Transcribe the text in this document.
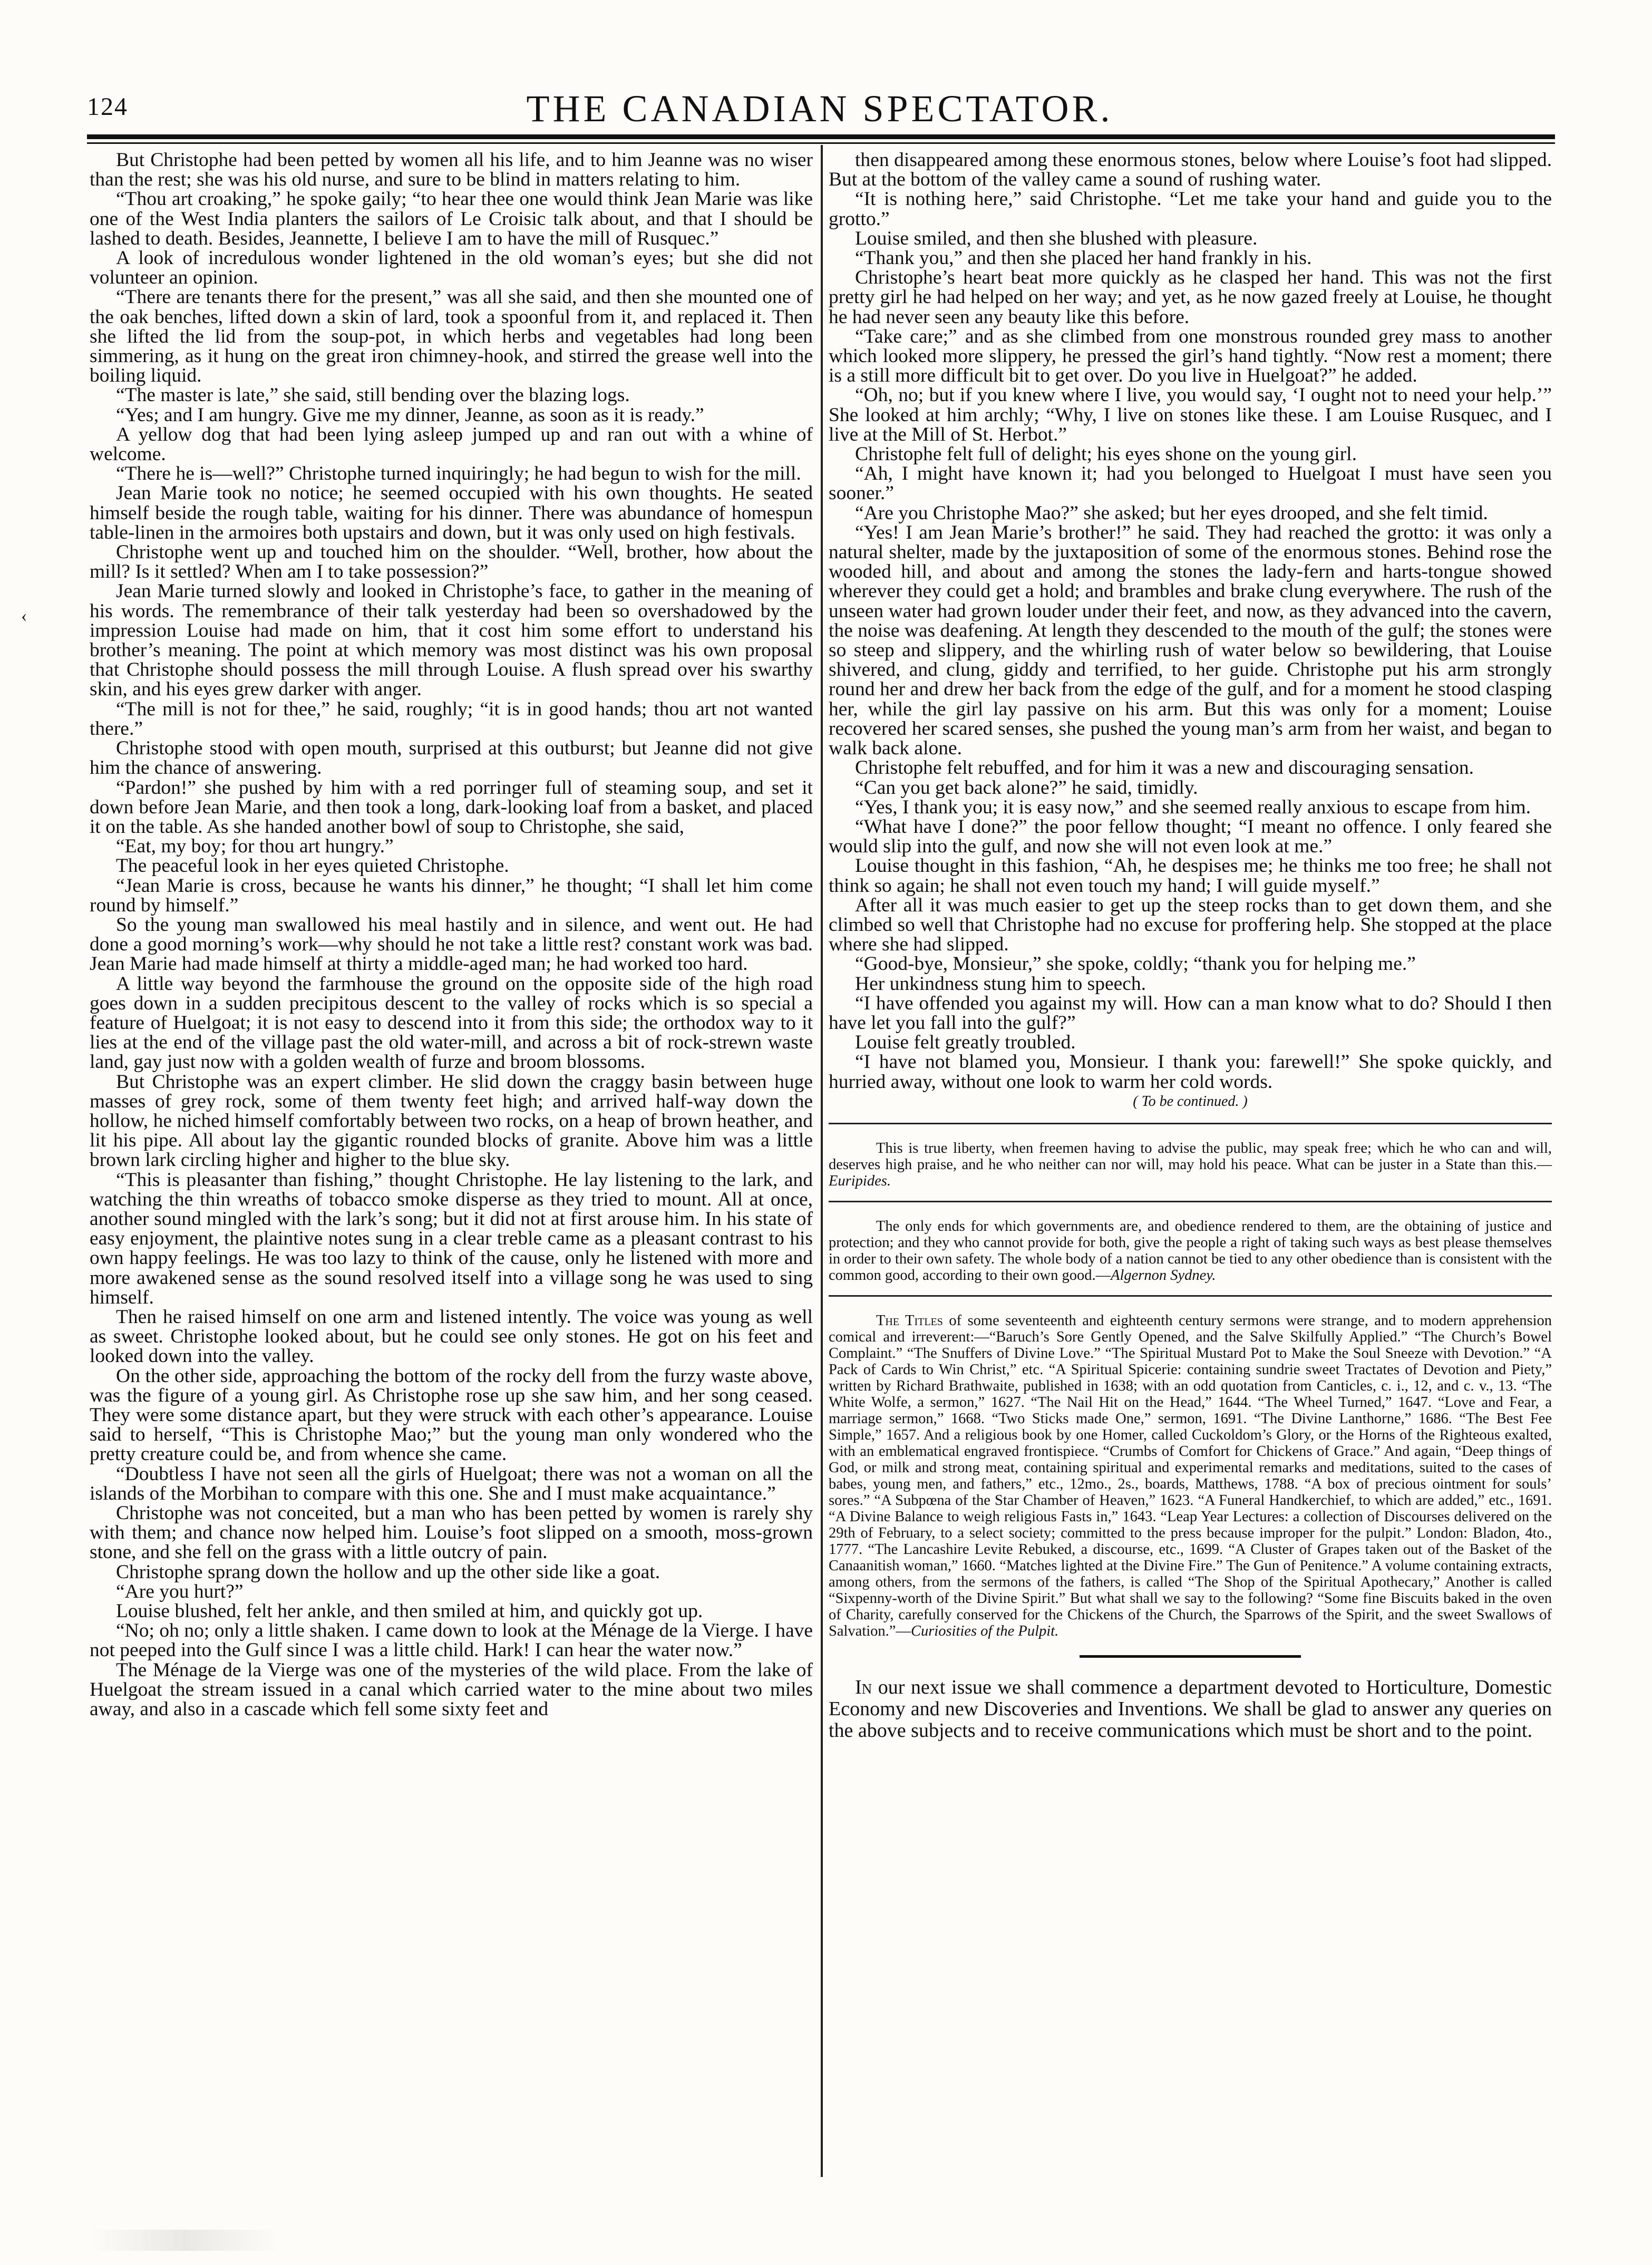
124	THE CANADIAN SPECTATOR.
‹

But Christophe had been petted by women all his life, and to him Jeanne was no wiser than the rest; she was his old nurse, and sure to be blind in matters relating to him.

“Thou art croaking,” he spoke gaily; “to hear thee one would think Jean Marie was like one of the West India planters the sailors of Le Croisic talk about, and that I should be lashed to death. Besides, Jeannette, I believe I am to have the mill of Rusquec.”

A look of incredulous wonder lightened in the old woman’s eyes; but she did not volunteer an opinion.

“There are tenants there for the present,” was all she said, and then she mounted one of the oak benches, lifted down a skin of lard, took a spoonful from it, and replaced it. Then she lifted the lid from the soup-pot, in which herbs and vegetables had long been simmering, as it hung on the great iron chimney-hook, and stirred the grease well into the boiling liquid.

“The master is late,” she said, still bending over the blazing logs.

“Yes; and I am hungry. Give me my dinner, Jeanne, as soon as it is ready.”

A yellow dog that had been lying asleep jumped up and ran out with a whine of welcome.

“There he is—well?” Christophe turned inquiringly; he had begun to wish for the mill.

Jean Marie took no notice; he seemed occupied with his own thoughts. He seated himself beside the rough table, waiting for his dinner. There was abundance of homespun table-linen in the armoires both upstairs and down, but it was only used on high festivals.

Christophe went up and touched him on the shoulder. “Well, brother, how about the mill? Is it settled? When am I to take possession?”

Jean Marie turned slowly and looked in Christophe’s face, to gather in the meaning of his words. The remembrance of their talk yesterday had been so overshadowed by the impression Louise had made on him, that it cost him some effort to understand his brother’s meaning. The point at which memory was most distinct was his own proposal that Christophe should possess the mill through Louise. A flush spread over his swarthy skin, and his eyes grew darker with anger.

“The mill is not for thee,” he said, roughly; “it is in good hands; thou art not wanted there.”

Christophe stood with open mouth, surprised at this outburst; but Jeanne did not give him the chance of answering.

“Pardon!” she pushed by him with a red porringer full of steaming soup, and set it down before Jean Marie, and then took a long, dark-looking loaf from a basket, and placed it on the table. As she handed another bowl of soup to Christophe, she said,

“Eat, my boy; for thou art hungry.”

The peaceful look in her eyes quieted Christophe.

“Jean Marie is cross, because he wants his dinner,” he thought; “I shall let him come round by himself.”

So the young man swallowed his meal hastily and in silence, and went out. He had done a good morning’s work—why should he not take a little rest? constant work was bad. Jean Marie had made himself at thirty a middle-aged man; he had worked too hard.

A little way beyond the farmhouse the ground on the opposite side of the high road goes down in a sudden precipitous descent to the valley of rocks which is so special a feature of Huelgoat; it is not easy to descend into it from this side; the orthodox way to it lies at the end of the village past the old water-mill, and across a bit of rock-strewn waste land, gay just now with a golden wealth of furze and broom blossoms.

But Christophe was an expert climber. He slid down the craggy basin between huge masses of grey rock, some of them twenty feet high; and arrived half-way down the hollow, he niched himself comfortably between two rocks, on a heap of brown heather, and lit his pipe. All about lay the gigantic rounded blocks of granite. Above him was a little brown lark circling higher and higher to the blue sky.

“This is pleasanter than fishing,” thought Christophe. He lay listening to the lark, and watching the thin wreaths of tobacco smoke disperse as they tried to mount. All at once, another sound mingled with the lark’s song; but it did not at first arouse him. In his state of easy enjoyment, the plaintive notes sung in a clear treble came as a pleasant contrast to his own happy feelings. He was too lazy to think of the cause, only he listened with more and more awakened sense as the sound resolved itself into a village song he was used to sing himself.

Then he raised himself on one arm and listened intently. The voice was young as well as sweet. Christophe looked about, but he could see only stones. He got on his feet and looked down into the valley.

On the other side, approaching the bottom of the rocky dell from the furzy waste above, was the figure of a young girl. As Christophe rose up she saw him, and her song ceased. They were some distance apart, but they were struck with each other’s appearance. Louise said to herself, “This is Christophe Mao;” but the young man only wondered who the pretty creature could be, and from whence she came.

“Doubtless I have not seen all the girls of Huelgoat; there was not a woman on all the islands of the Morbihan to compare with this one. She and I must make acquaintance.”

Christophe was not conceited, but a man who has been petted by women is rarely shy with them; and chance now helped him. Louise’s foot slipped on a smooth, moss-grown stone, and she fell on the grass with a little outcry of pain.

Christophe sprang down the hollow and up the other side like a goat.

“Are you hurt?”

Louise blushed, felt her ankle, and then smiled at him, and quickly got up.

“No; oh no; only a little shaken. I came down to look at the Ménage de la Vierge. I have not peeped into the Gulf since I was a little child. Hark! I can hear the water now.”

The Ménage de la Vierge was one of the mysteries of the wild place. From the lake of Huelgoat the stream issued in a canal which carried water to the mine about two miles away, and also in a cascade which fell some sixty feet and

then disappeared among these enormous stones, below where Louise’s foot had slipped. But at the bottom of the valley came a sound of rushing water.

“It is nothing here,” said Christophe. “Let me take your hand and guide you to the grotto.”

Louise smiled, and then she blushed with pleasure.

“Thank you,” and then she placed her hand frankly in his.

Christophe’s heart beat more quickly as he clasped her hand. This was not the first pretty girl he had helped on her way; and yet, as he now gazed freely at Louise, he thought he had never seen any beauty like this before.

“Take care;” and as she climbed from one monstrous rounded grey mass to another which looked more slippery, he pressed the girl’s hand tightly. “Now rest a moment; there is a still more difficult bit to get over. Do you live in Huelgoat?” he added.

“Oh, no; but if you knew where I live, you would say, ‘I ought not to need your help.’” She looked at him archly; “Why, I live on stones like these. I am Louise Rusquec, and I live at the Mill of St. Herbot.”

Christophe felt full of delight; his eyes shone on the young girl.

“Ah, I might have known it; had you belonged to Huelgoat I must have seen you sooner.”

“Are you Christophe Mao?” she asked; but her eyes drooped, and she felt timid.

“Yes! I am Jean Marie’s brother!” he said. They had reached the grotto: it was only a natural shelter, made by the juxtaposition of some of the enormous stones. Behind rose the wooded hill, and about and among the stones the lady-fern and harts-tongue showed wherever they could get a hold; and brambles and brake clung everywhere. The rush of the unseen water had grown louder under their feet, and now, as they advanced into the cavern, the noise was deafening. At length they descended to the mouth of the gulf; the stones were so steep and slippery, and the whirling rush of water below so bewildering, that Louise shivered, and clung, giddy and terrified, to her guide. Christophe put his arm strongly round her and drew her back from the edge of the gulf, and for a moment he stood clasping her, while the girl lay passive on his arm. But this was only for a moment; Louise recovered her scared senses, she pushed the young man’s arm from her waist, and began to walk back alone.

Christophe felt rebuffed, and for him it was a new and discouraging sensation.

“Can you get back alone?” he said, timidly.

“Yes, I thank you; it is easy now,” and she seemed really anxious to escape from him.

“What have I done?” the poor fellow thought; “I meant no offence. I only feared she would slip into the gulf, and now she will not even look at me.”

Louise thought in this fashion, “Ah, he despises me; he thinks me too free; he shall not think so again; he shall not even touch my hand; I will guide myself.”

After all it was much easier to get up the steep rocks than to get down them, and she climbed so well that Christophe had no excuse for proffering help. She stopped at the place where she had slipped.

“Good-bye, Monsieur,” she spoke, coldly; “thank you for helping me.”

Her unkindness stung him to speech.

“I have offended you against my will. How can a man know what to do? Should I then have let you fall into the gulf?”

Louise felt greatly troubled.

“I have not blamed you, Monsieur. I thank you: farewell!” She spoke quickly, and hurried away, without one look to warm her cold words.

( To be continued. )

This is true liberty, when freemen having to advise the public, may speak free; which he who can and will, deserves high praise, and he who neither can nor will, may hold his peace. What can be juster in a State than this.—Euripides.

The only ends for which governments are, and obedience rendered to them, are the obtaining of justice and protection; and they who cannot provide for both, give the people a right of taking such ways as best please themselves in order to their own safety. The whole body of a nation cannot be tied to any other obedience than is consistent with the common good, according to their own good.—Algernon Sydney.

The Titles of some seventeenth and eighteenth century sermons were strange, and to modern apprehension comical and irreverent:—“Baruch’s Sore Gently Opened, and the Salve Skilfully Applied.” “The Church’s Bowel Complaint.” “The Snuffers of Divine Love.” “The Spiritual Mustard Pot to Make the Soul Sneeze with Devotion.” “A Pack of Cards to Win Christ,” etc. “A Spiritual Spicerie: containing sundrie sweet Tractates of Devotion and Piety,” written by Richard Brathwaite, published in 1638; with an odd quotation from Canticles, c. i., 12, and c. v., 13. “The White Wolfe, a sermon,” 1627. “The Nail Hit on the Head,” 1644. “The Wheel Turned,” 1647. “Love and Fear, a marriage sermon,” 1668. “Two Sticks made One,” sermon, 1691. “The Divine Lanthorne,” 1686. “The Best Fee Simple,” 1657. And a religious book by one Homer, called Cuckoldom’s Glory, or the Horns of the Righteous exalted, with an emblematical engraved frontispiece. “Crumbs of Comfort for Chickens of Grace.” And again, “Deep things of God, or milk and strong meat, containing spiritual and experimental remarks and meditations, suited to the cases of babes, young men, and fathers,” etc., 12mo., 2s., boards, Matthews, 1788. “A box of precious ointment for souls’ sores.” “A Subpœna of the Star Chamber of Heaven,” 1623. “A Funeral Handkerchief, to which are added,” etc., 1691. “A Divine Balance to weigh religious Fasts in,” 1643. “Leap Year Lectures: a collection of Discourses delivered on the 29th of February, to a select society; committed to the press because improper for the pulpit.” London: Bladon, 4to., 1777. “The Lancashire Levite Rebuked, a discourse, etc., 1699. “A Cluster of Grapes taken out of the Basket of the Canaanitish woman,” 1660. “Matches lighted at the Divine Fire.” The Gun of Penitence.” A volume containing extracts, among others, from the sermons of the fathers, is called “The Shop of the Spiritual Apothecary,” Another is called “Sixpenny-worth of the Divine Spirit.” But what shall we say to the following? “Some fine Biscuits baked in the oven of Charity, carefully conserved for the Chickens of the Church, the Sparrows of the Spirit, and the sweet Swallows of Salvation.”—Curiosities of the Pulpit.

In our next issue we shall commence a department devoted to Horticulture, Domestic Economy and new Discoveries and Inventions. We shall be glad to answer any queries on the above subjects and to receive communications which must be short and to the point.
